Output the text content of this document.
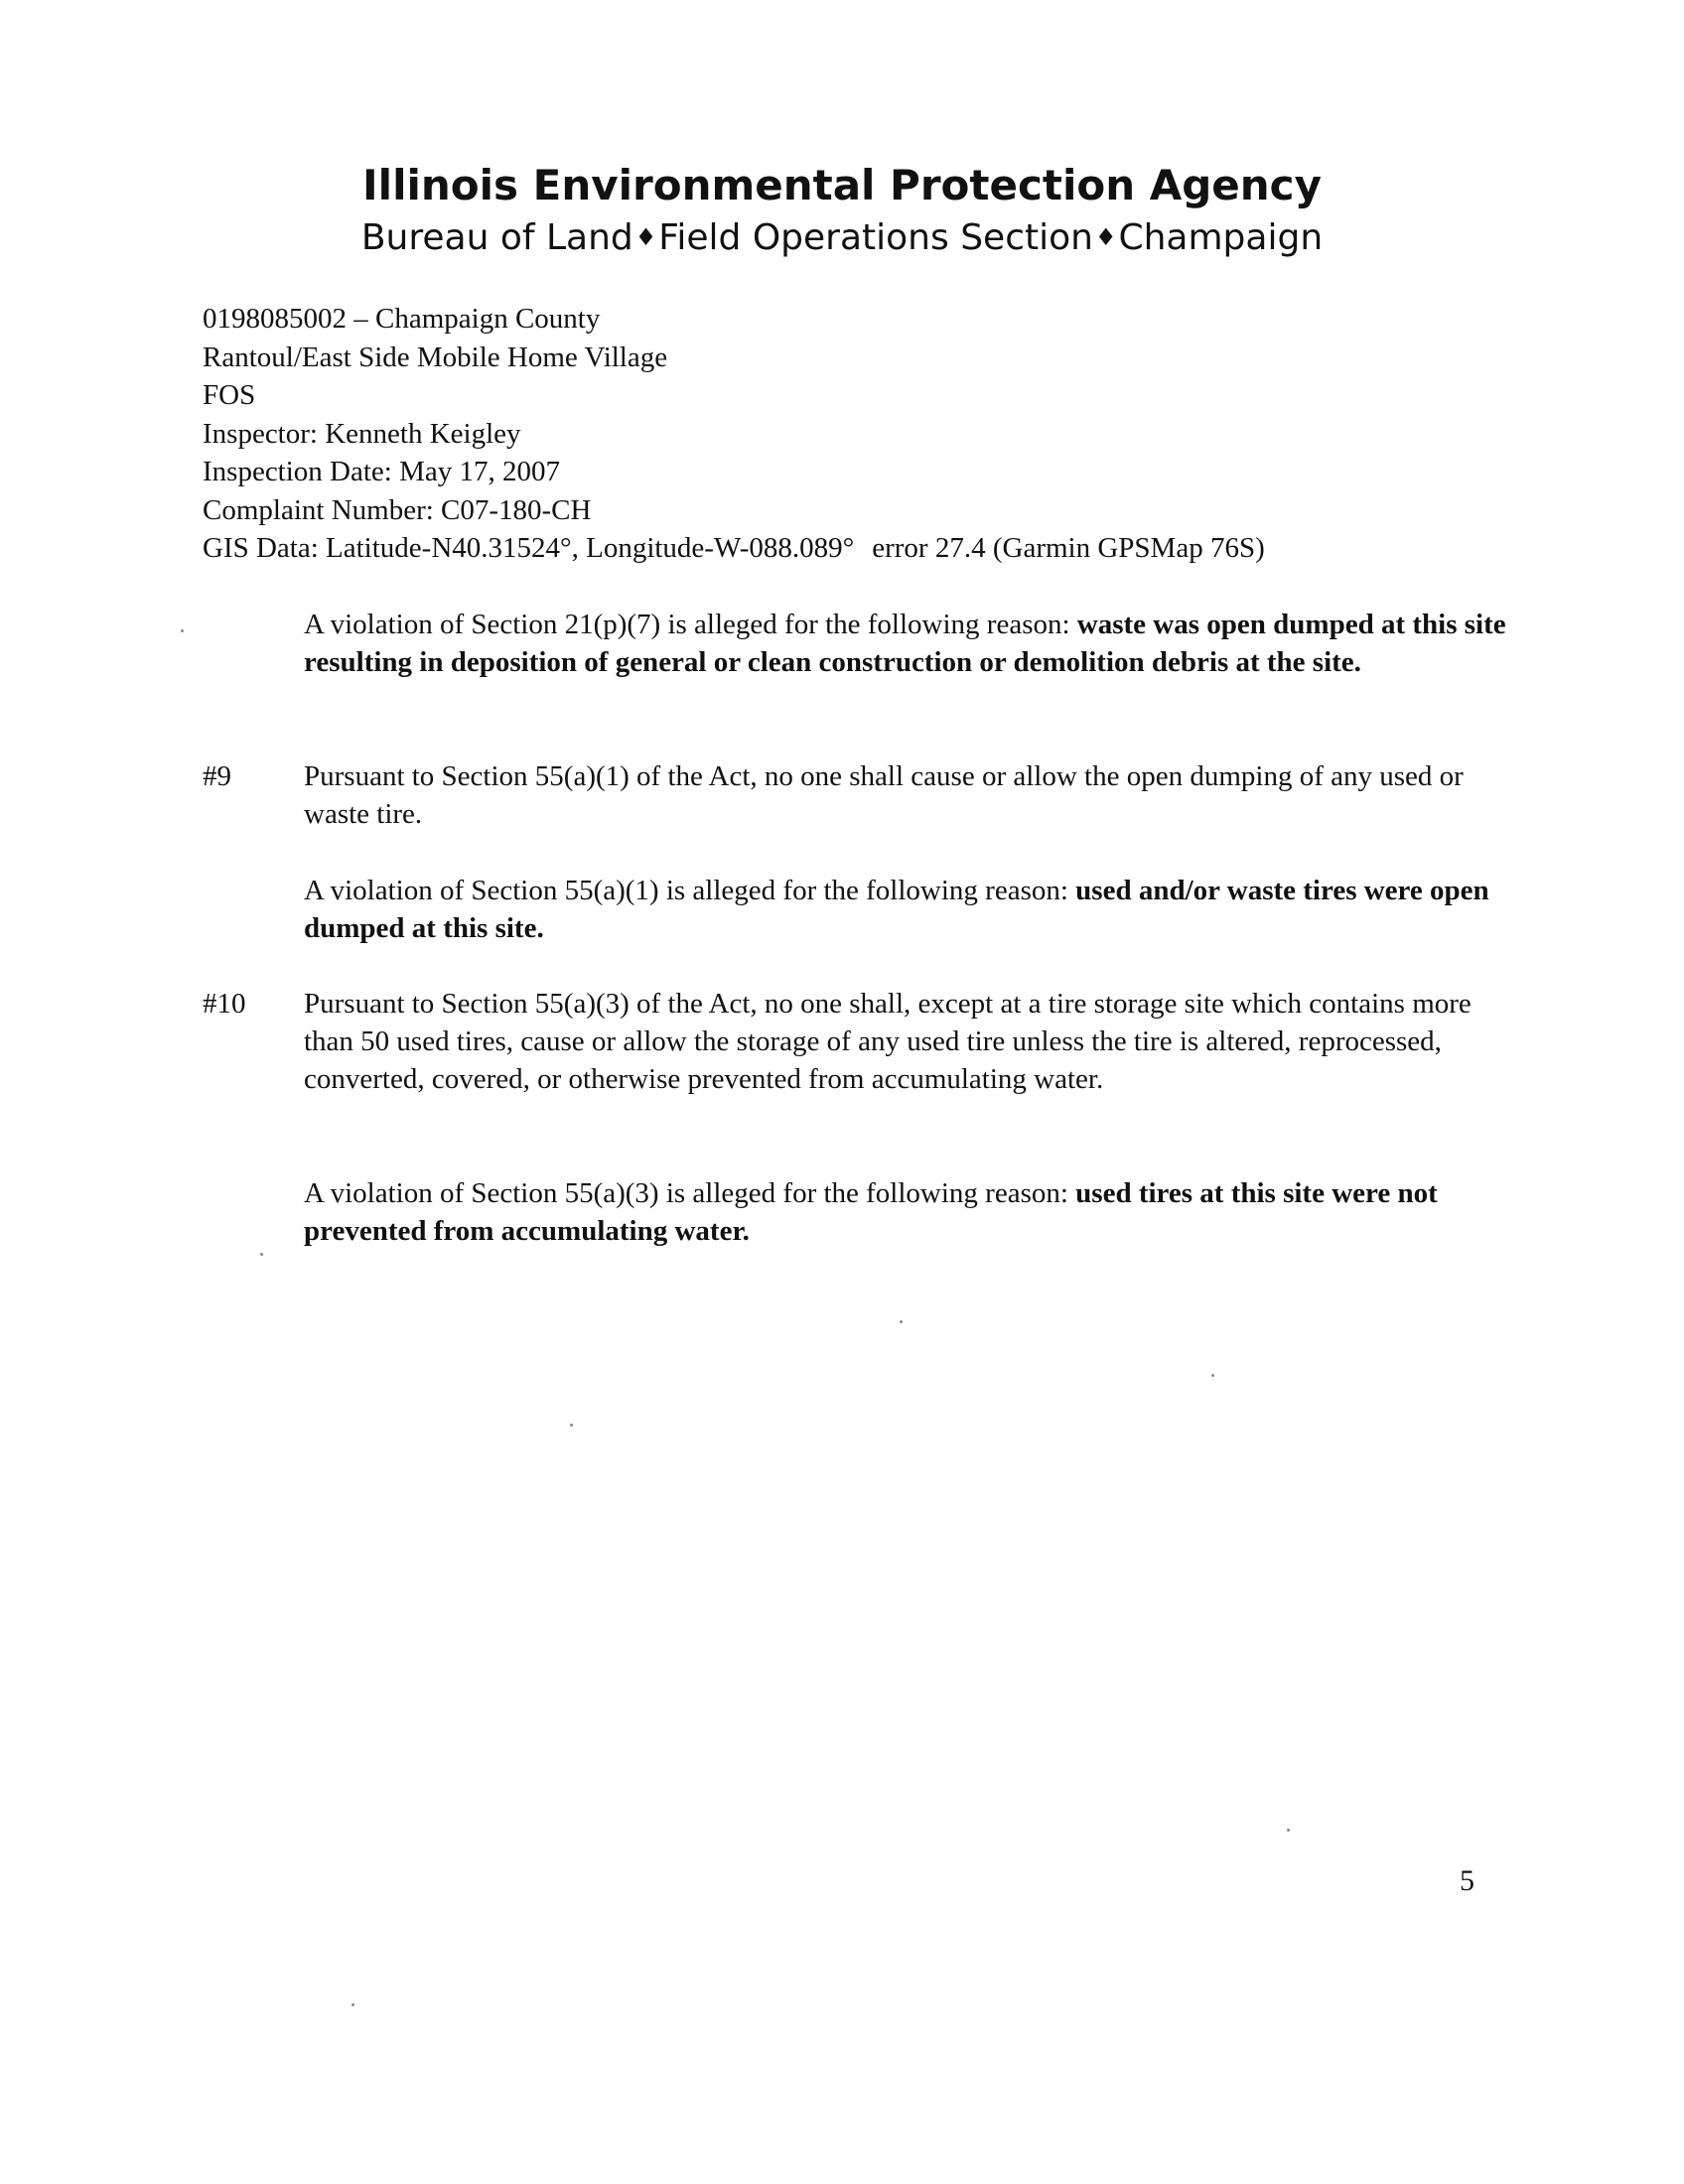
Illinois Environmental Protection Agency
Bureau of Land♦Field Operations Section♦Champaign
0198085002 – Champaign County
Rantoul/East Side Mobile Home Village
FOS
Inspector: Kenneth Keigley
Inspection Date: May 17, 2007
Complaint Number: C07-180-CH
GIS Data: Latitude-N40.31524°, Longitude-W-088.089° error 27.4 (Garmin GPSMap 76S)
A violation of Section 21(p)(7) is alleged for the following reason: waste was open dumped at this site resulting in deposition of general or clean construction or demolition debris at the site.
#9	Pursuant to Section 55(a)(1) of the Act, no one shall cause or allow the open dumping of any used or waste tire.
A violation of Section 55(a)(1) is alleged for the following reason: used and/or waste tires were open dumped at this site.
#10 Pursuant to Section 55(a)(3) of the Act, no one shall, except at a tire storage site which contains more than 50 used tires, cause or allow the storage of any used tire unless the tire is altered, reprocessed, converted, covered, or otherwise prevented from accumulating water.
A violation of Section 55(a)(3) is alleged for the following reason: used tires at this site were not prevented from accumulating water.
5
